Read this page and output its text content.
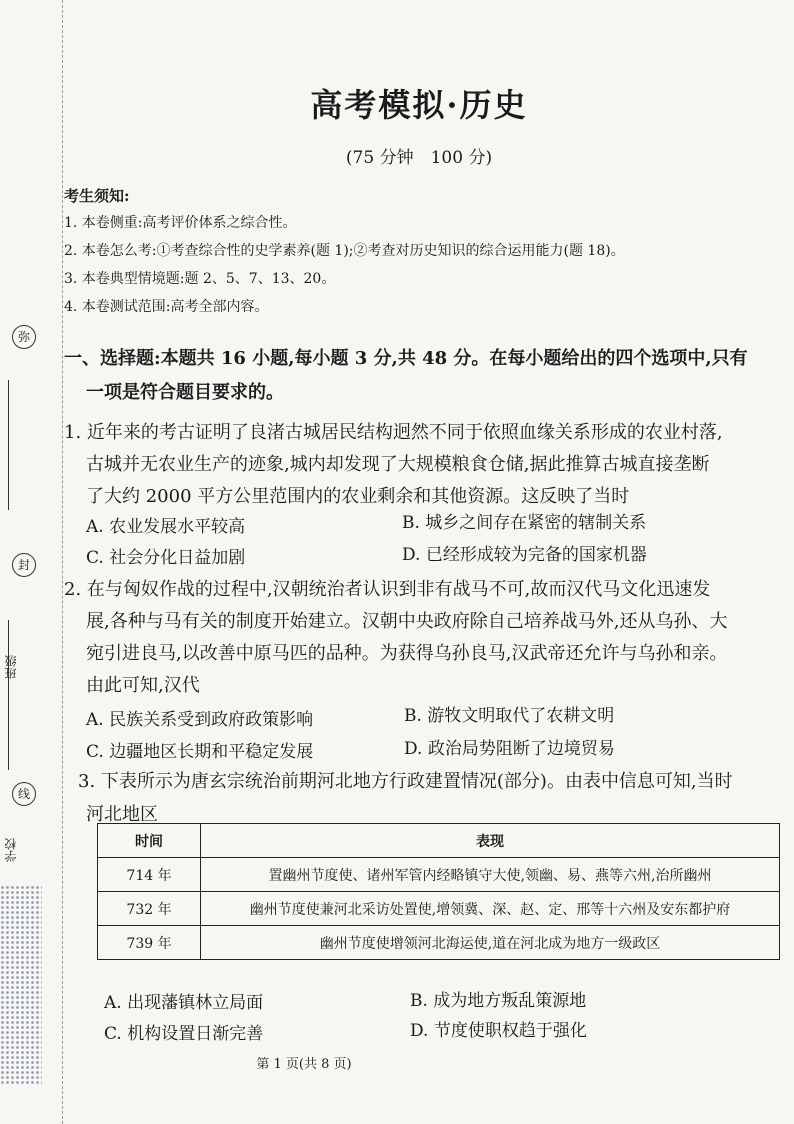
弥
封
线
班级
学校
高考模拟·历史
(75 分钟　100 分)
考生须知:
1. 本卷侧重:高考评价体系之综合性。
2. 本卷怎么考:①考查综合性的史学素养(题 1);②考查对历史知识的综合运用能力(题 18)。
3. 本卷典型情境题:题 2、5、7、13、20。
4. 本卷测试范围:高考全部内容。
一、选择题:本题共 16 小题,每小题 3 分,共 48 分。在每小题给出的四个选项中,只有
一项是符合题目要求的。
1. 近年来的考古证明了良渚古城居民结构迥然不同于依照血缘关系形成的农业村落,
古城并无农业生产的迹象,城内却发现了大规模粮食仓储,据此推算古城直接垄断
了大约 2000 平方公里范围内的农业剩余和其他资源。这反映了当时
A. 农业发展水平较高	B. 城乡之间存在紧密的辖制关系
C. 社会分化日益加剧	D. 已经形成较为完备的国家机器
2. 在与匈奴作战的过程中,汉朝统治者认识到非有战马不可,故而汉代马文化迅速发
展,各种与马有关的制度开始建立。汉朝中央政府除自己培养战马外,还从乌孙、大
宛引进良马,以改善中原马匹的品种。为获得乌孙良马,汉武帝还允许与乌孙和亲。
由此可知,汉代
A. 民族关系受到政府政策影响	B. 游牧文明取代了农耕文明
C. 边疆地区长期和平稳定发展	D. 政治局势阻断了边境贸易
3. 下表所示为唐玄宗统治前期河北地方行政建置情况(部分)。由表中信息可知,当时
河北地区
时间	表现
714 年	置幽州节度使、诸州军管内经略镇守大使,领幽、易、燕等六州,治所幽州
732 年	幽州节度使兼河北采访处置使,增领冀、深、赵、定、邢等十六州及安东都护府
739 年	幽州节度使增领河北海运使,道在河北成为地方一级政区
A. 出现藩镇林立局面	B. 成为地方叛乱策源地
C. 机构设置日渐完善	D. 节度使职权趋于强化
第 1 页(共 8 页)
